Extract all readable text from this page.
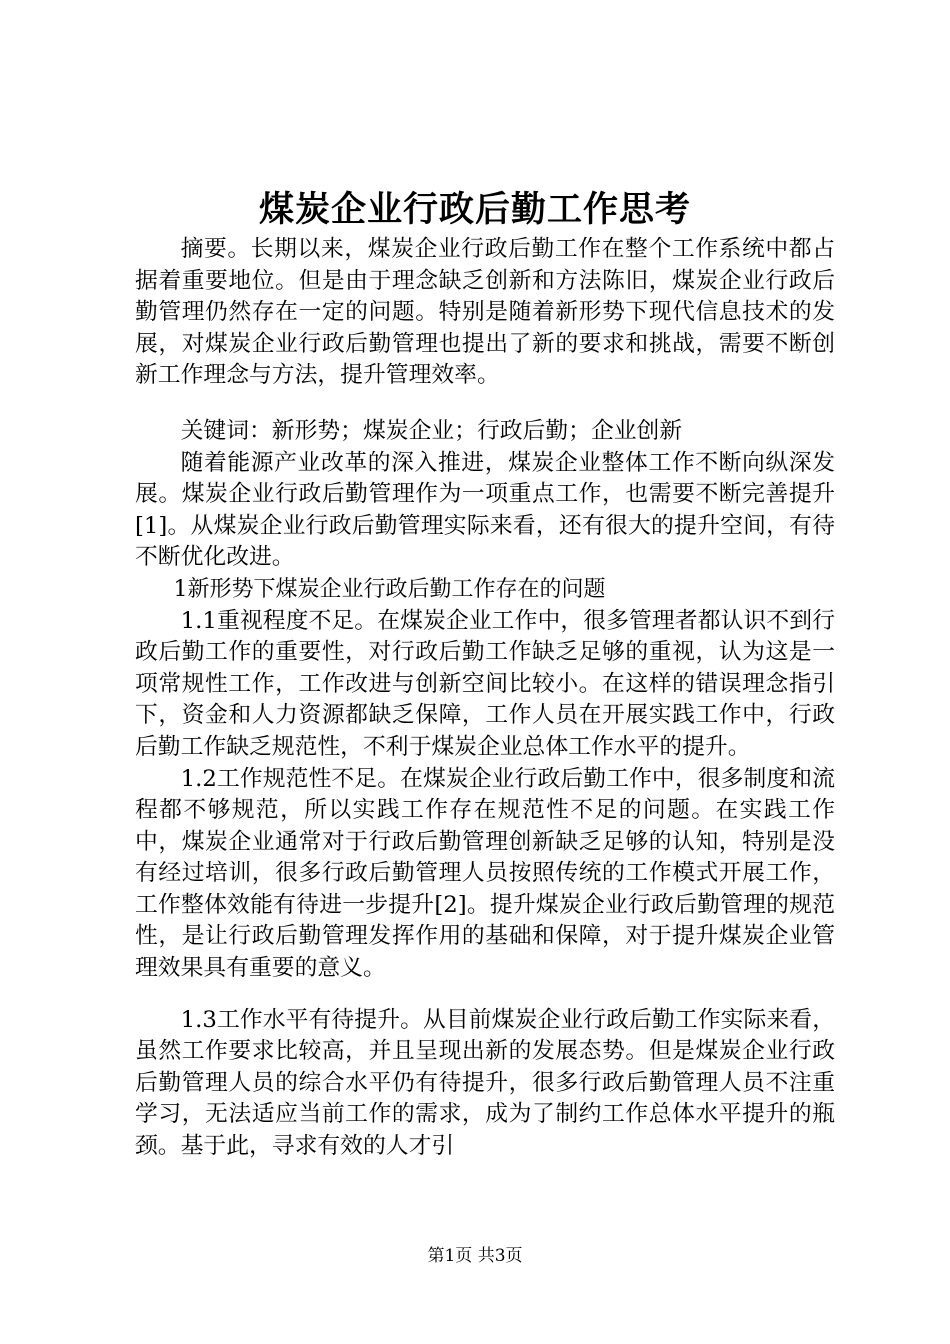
煤炭企业行政后勤工作思考

摘要。长期以来，煤炭企业行政后勤工作在整个工作系统中都占据着重要地位。但是由于理念缺乏创新和方法陈旧，煤炭企业行政后勤管理仍然存在一定的问题。特别是随着新形势下现代信息技术的发展，对煤炭企业行政后勤管理也提出了新的要求和挑战，需要不断创新工作理念与方法，提升管理效率。

关键词：新形势；煤炭企业；行政后勤；企业创新

随着能源产业改革的深入推进，煤炭企业整体工作不断向纵深发展。煤炭企业行政后勤管理作为一项重点工作，也需要不断完善提升[1]。从煤炭企业行政后勤管理实际来看，还有很大的提升空间，有待不断优化改进。

1新形势下煤炭企业行政后勤工作存在的问题

1.1重视程度不足。在煤炭企业工作中，很多管理者都认识不到行政后勤工作的重要性，对行政后勤工作缺乏足够的重视，认为这是一项常规性工作，工作改进与创新空间比较小。在这样的错误理念指引下，资金和人力资源都缺乏保障，工作人员在开展实践工作中，行政后勤工作缺乏规范性，不利于煤炭企业总体工作水平的提升。

1.2工作规范性不足。在煤炭企业行政后勤工作中，很多制度和流程都不够规范，所以实践工作存在规范性不足的问题。在实践工作中，煤炭企业通常对于行政后勤管理创新缺乏足够的认知，特别是没有经过培训，很多行政后勤管理人员按照传统的工作模式开展工作，工作整体效能有待进一步提升[2]。提升煤炭企业行政后勤管理的规范性，是让行政后勤管理发挥作用的基础和保障，对于提升煤炭企业管理效果具有重要的意义。

1.3工作水平有待提升。从目前煤炭企业行政后勤工作实际来看，虽然工作要求比较高，并且呈现出新的发展态势。但是煤炭企业行政后勤管理人员的综合水平仍有待提升，很多行政后勤管理人员不注重学习，无法适应当前工作的需求，成为了制约工作总体水平提升的瓶颈。基于此，寻求有效的人才引

第1页 共3页
